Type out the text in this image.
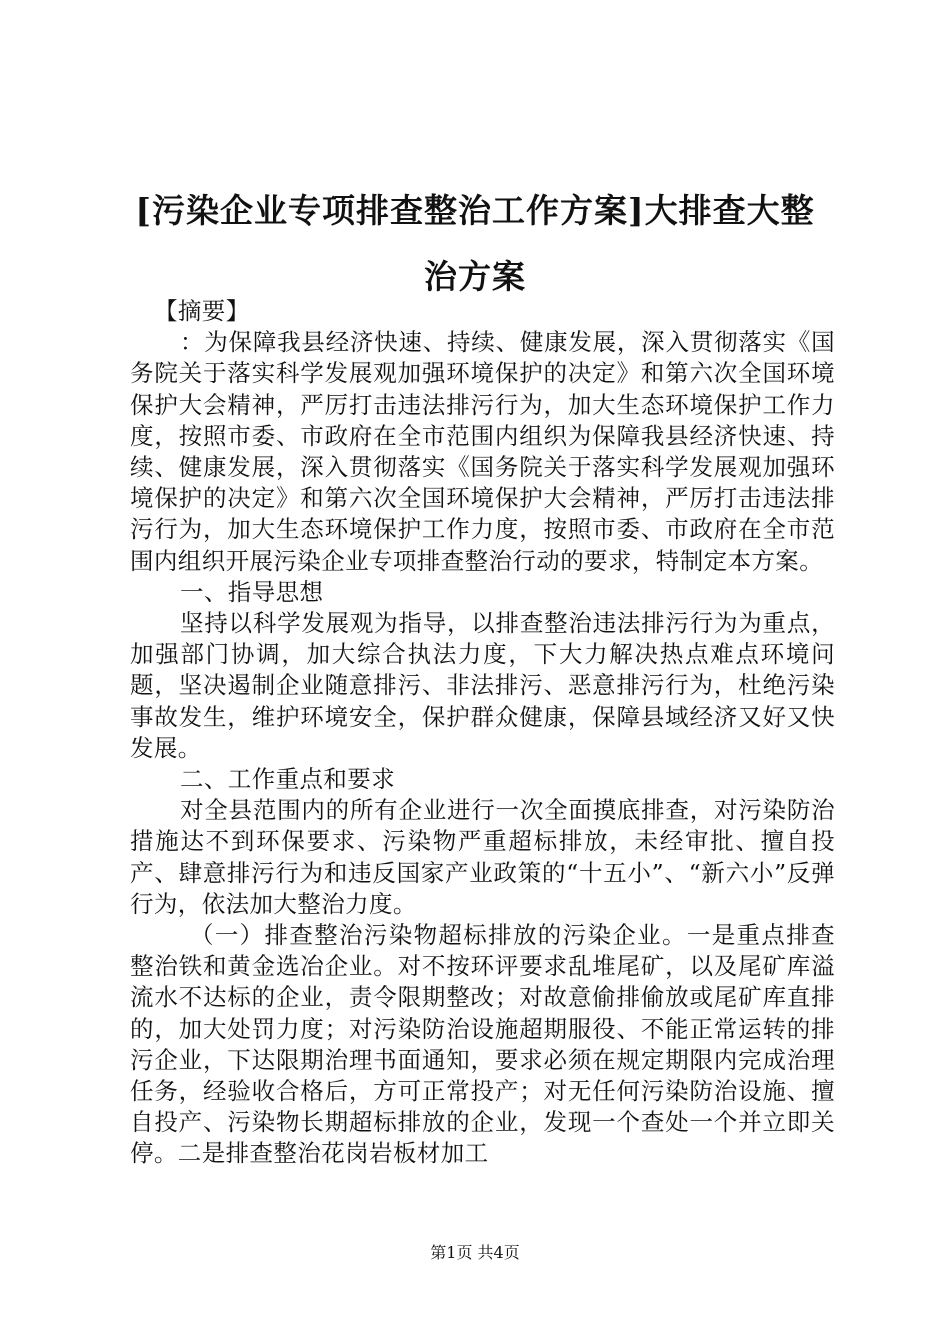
[污染企业专项排查整治工作方案]大排查大整治方案

【摘要】

：为保障我县经济快速、持续、健康发展，深入贯彻落实《国务院关于落实科学发展观加强环境保护的决定》和第六次全国环境保护大会精神，严厉打击违法排污行为，加大生态环境保护工作力度，按照市委、市政府在全市范围内组织为保障我县经济快速、持续、健康发展，深入贯彻落实《国务院关于落实科学发展观加强环境保护的决定》和第六次全国环境保护大会精神，严厉打击违法排污行为，加大生态环境保护工作力度，按照市委、市政府在全市范围内组织开展污染企业专项排查整治行动的要求，特制定本方案。

一、指导思想

坚持以科学发展观为指导，以排查整治违法排污行为为重点，加强部门协调，加大综合执法力度，下大力解决热点难点环境问题，坚决遏制企业随意排污、非法排污、恶意排污行为，杜绝污染事故发生，维护环境安全，保护群众健康，保障县域经济又好又快发展。

二、工作重点和要求

对全县范围内的所有企业进行一次全面摸底排查，对污染防治措施达不到环保要求、污染物严重超标排放，未经审批、擅自投产、肆意排污行为和违反国家产业政策的“十五小”、“新六小”反弹行为，依法加大整治力度。

（一）排查整治污染物超标排放的污染企业。一是重点排查整治铁和黄金选冶企业。对不按环评要求乱堆尾矿，以及尾矿库溢流水不达标的企业，责令限期整改；对故意偷排偷放或尾矿库直排的，加大处罚力度；对污染防治设施超期服役、不能正常运转的排污企业，下达限期治理书面通知，要求必须在规定期限内完成治理任务，经验收合格后，方可正常投产；对无任何污染防治设施、擅自投产、污染物长期超标排放的企业，发现一个查处一个并立即关停。二是排查整治花岗岩板材加工

第1页 共4页
